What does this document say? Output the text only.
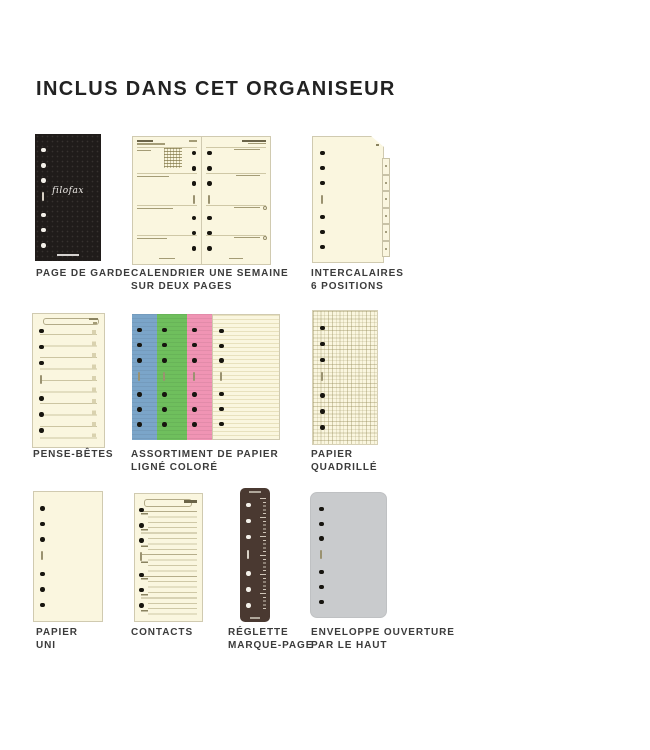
INCLUS DANS CET ORGANISEUR
filofax
PAGE DE GARDE CALENDRIER UNE SEMAINE
SUR DEUX PAGES
INTERCALAIRES
6 POSITIONS
PENSE-BÊTES ASSORTIMENT DE PAPIER
LIGNÉ COLORÉ
PAPIER
QUADRILLÉ
PAPIER
UNI
CONTACTS	RÉGLETTE
MARQUE-PAGE
ENVELOPPE OUVERTURE
PAR LE HAUT
